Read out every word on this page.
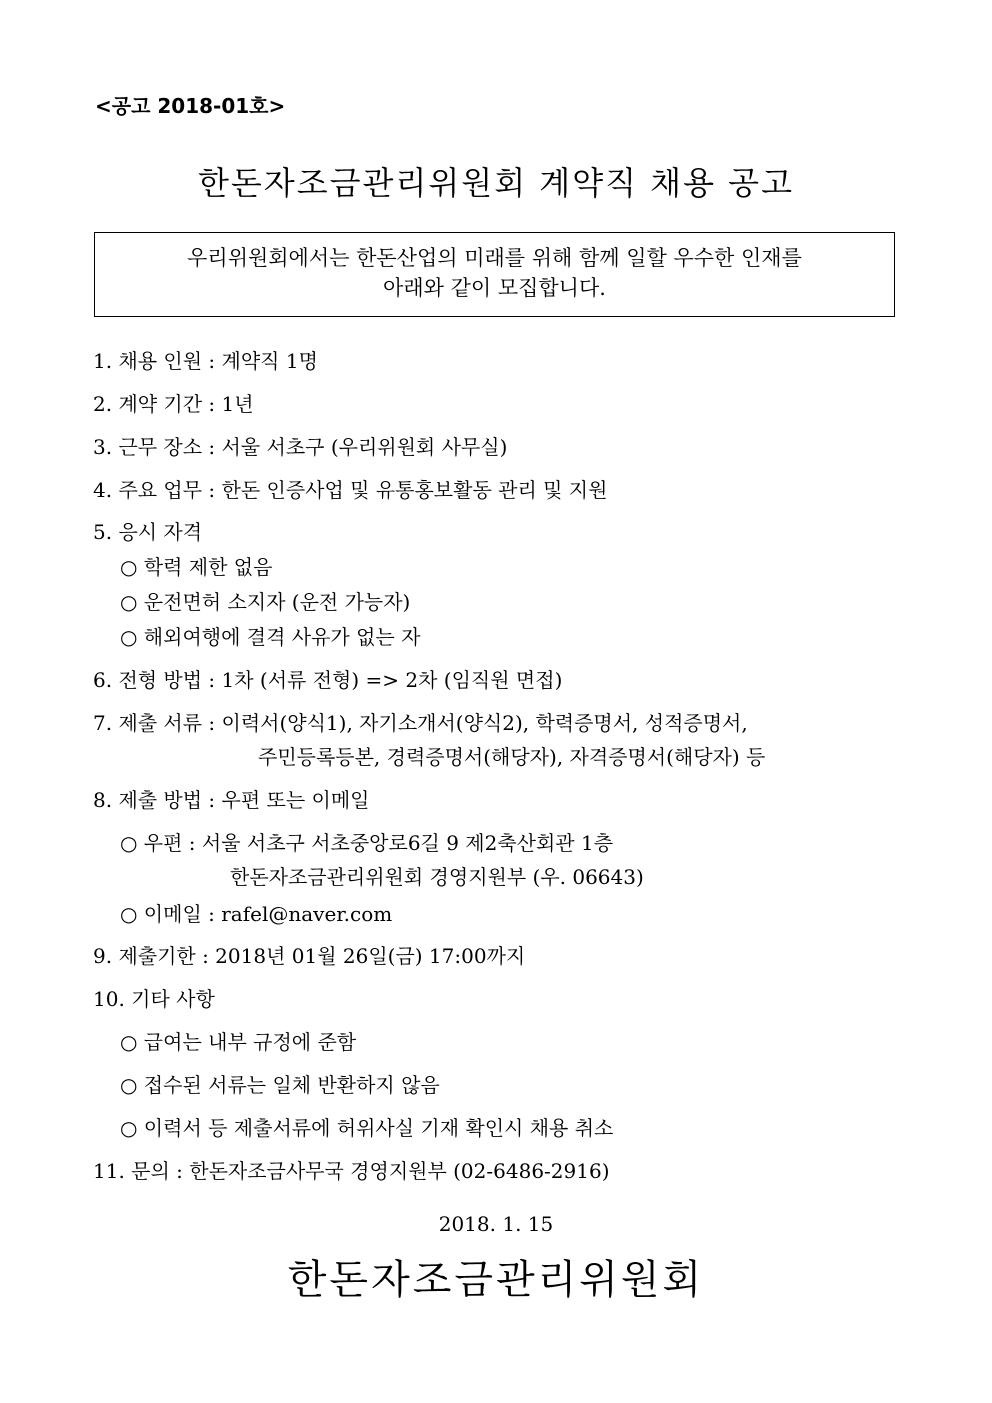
<공고 2018-01호>
한돈자조금관리위원회 계약직 채용 공고
우리위원회에서는 한돈산업의 미래를 위해 함께 일할 우수한 인재를
아래와 같이 모집합니다.
1. 채용 인원 : 계약직 1명
2. 계약 기간 : 1년
3. 근무 장소 : 서울 서초구 (우리위원회 사무실)
4. 주요 업무 : 한돈 인증사업 및 유통홍보활동 관리 및 지원
5. 응시 자격
○ 학력 제한 없음
○ 운전면허 소지자 (운전 가능자)
○ 해외여행에 결격 사유가 없는 자
6. 전형 방법 : 1차 (서류 전형) => 2차 (임직원 면접)
7. 제출 서류 : 이력서(양식1), 자기소개서(양식2), 학력증명서, 성적증명서,
주민등록등본, 경력증명서(해당자), 자격증명서(해당자) 등
8. 제출 방법 : 우편 또는 이메일
○ 우편 : 서울 서초구 서초중앙로6길 9 제2축산회관 1층
한돈자조금관리위원회 경영지원부 (우. 06643)
○ 이메일 : rafel@naver.com
9. 제출기한 : 2018년 01월 26일(금) 17:00까지
10. 기타 사항
○ 급여는 내부 규정에 준함
○ 접수된 서류는 일체 반환하지 않음
○ 이력서 등 제출서류에 허위사실 기재 확인시 채용 취소
11. 문의 : 한돈자조금사무국 경영지원부 (02-6486-2916)
2018. 1. 15
한돈자조금관리위원회
